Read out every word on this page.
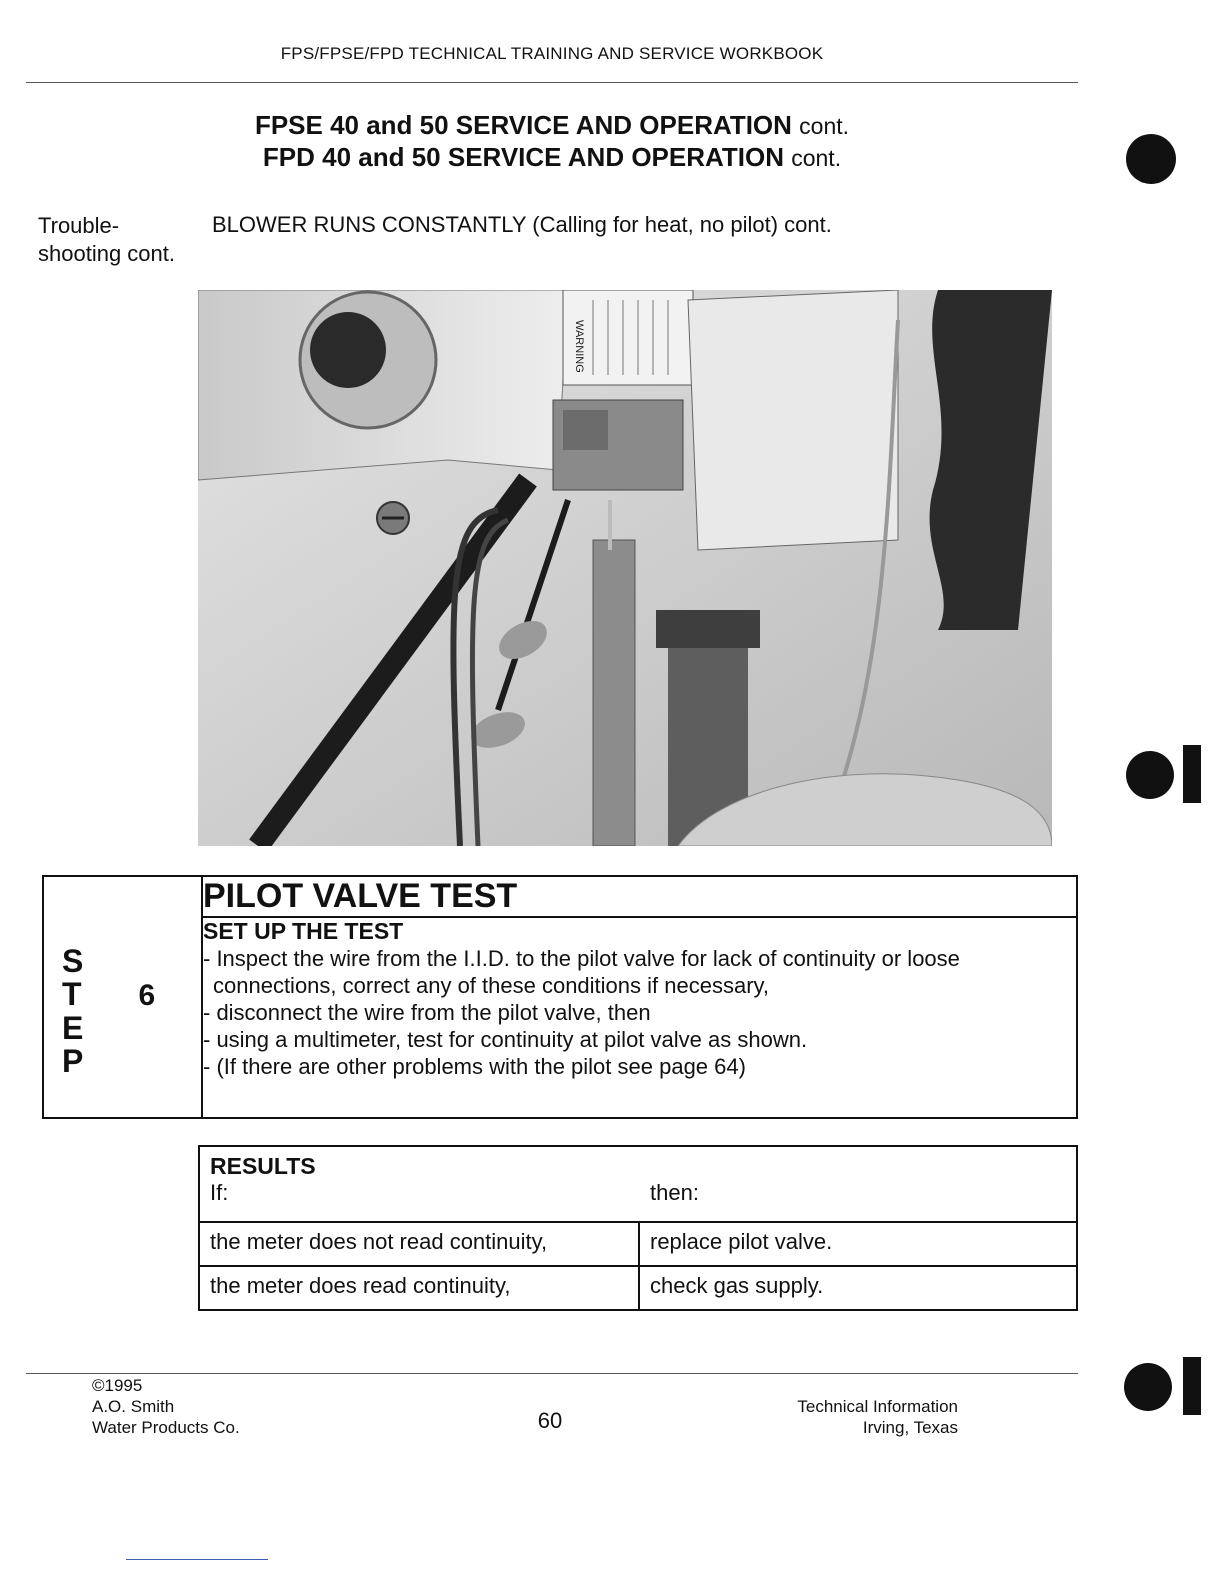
FPS/FPSE/FPD TECHNICAL TRAINING AND SERVICE WORKBOOK
FPSE 40 and 50 SERVICE AND OPERATION cont.
FPD 40 and 50 SERVICE AND OPERATION cont.
Trouble-
shooting cont.
BLOWER RUNS CONSTANTLY (Calling for heat, no pilot) cont.
WARNING
S
T 6
E
P
	PILOT VALVE TEST

SET UP THE TEST
- Inspect the wire from the I.I.D. to the pilot valve for lack of continuity or loose
connections, correct any of these conditions if necessary,
- disconnect the wire from the pilot valve, then
- using a multimeter, test for continuity at pilot valve as shown.
- (If there are other problems with the pilot see page 64)
RESULTS
If: then:	

the meter does not read continuity,	replace pilot valve.
the meter does read continuity,	check gas supply.
©1995
A.O. Smith
Water Products Co.	60
Technical Information
Irving, Texas
